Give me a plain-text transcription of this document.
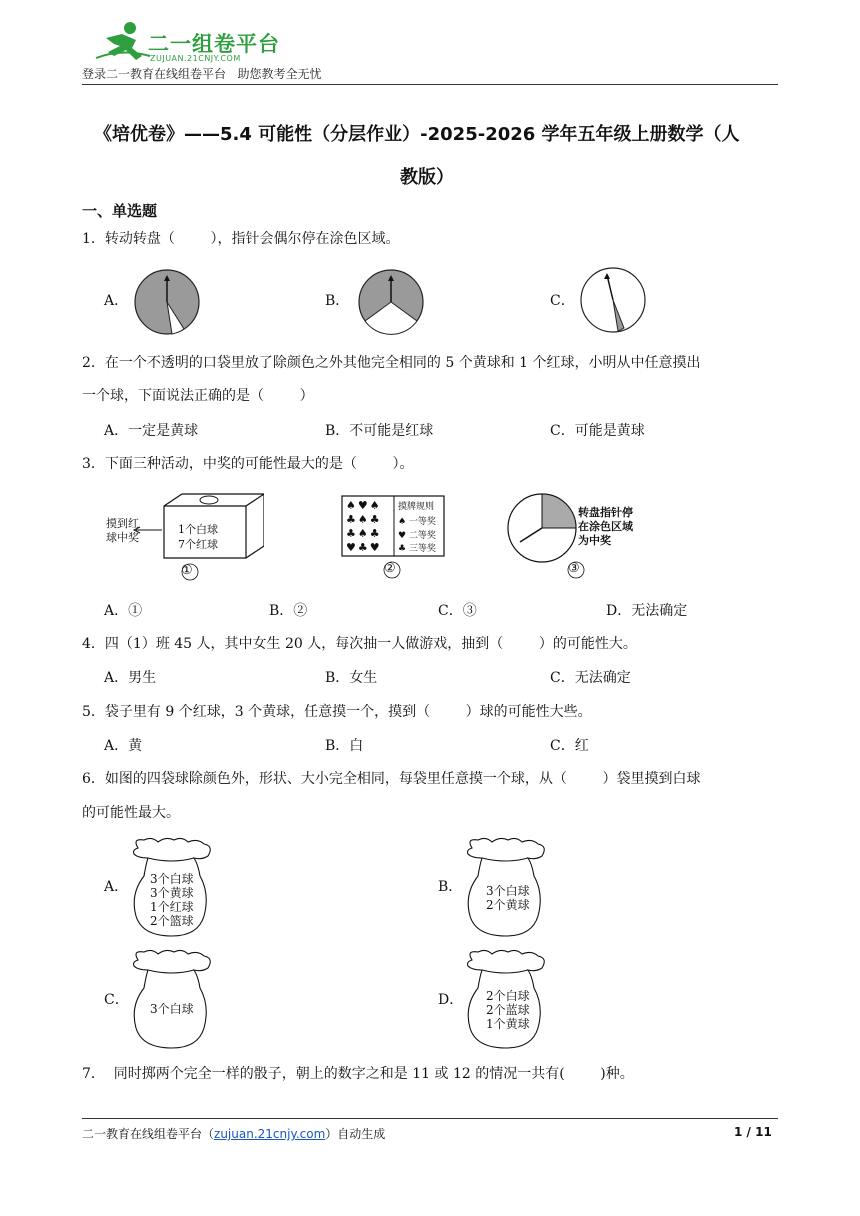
二一组卷平台
ZUJUAN.21CNJY.COM
登录二一教育在线组卷平台   助您教考全无忧
《培优卷》——5.4 可能性（分层作业）-2025-2026 学年五年级上册数学（人
教版）
一、单选题
1．转动转盘（        ），指针会偶尔停在涂色区域。
A．	B．	C．
2．在一个不透明的口袋里放了除颜色之外其他完全相同的 5 个黄球和 1 个红球，小明从中任意摸出
一个球，下面说法正确的是（        ）
A．一定是黄球	B．不可能是红球	C．可能是黄球
3．下面三种活动，中奖的可能性最大的是（        ）。
摸到红
球中奖
1个白球
7个红球
♠♥♠
♣♠♣
♣♠♣
♥♣♥
摸牌规则
♠ 一等奖
♥ 二等奖
♣ 三等奖
转盘指针停
在涂色区域
为中奖
①	②	③
A．①	B．②	C．③	D．无法确定
4．四（1）班 45 人，其中女生 20 人，每次抽一人做游戏，抽到（        ）的可能性大。
A．男生	B．女生	C．无法确定
5．袋子里有 9 个红球，3 个黄球，任意摸一个，摸到（        ）球的可能性大些。
A．黄	B．白	C．红
6．如图的四袋球除颜色外，形状、大小完全相同，每袋里任意摸一个球，从（        ）袋里摸到白球
的可能性最大。
A． 3个白球
3个黄球
1个红球
2个篮球
B． 3个白球
2个黄球
C．
3个白球
D． 2个白球
2个蓝球
1个黄球
7．  同时掷两个完全一样的骰子，朝上的数字之和是 11 或 12 的情况一共有(        )种。
二一教育在线组卷平台（zujuan.21cnjy.com）自动生成	1 / 11
